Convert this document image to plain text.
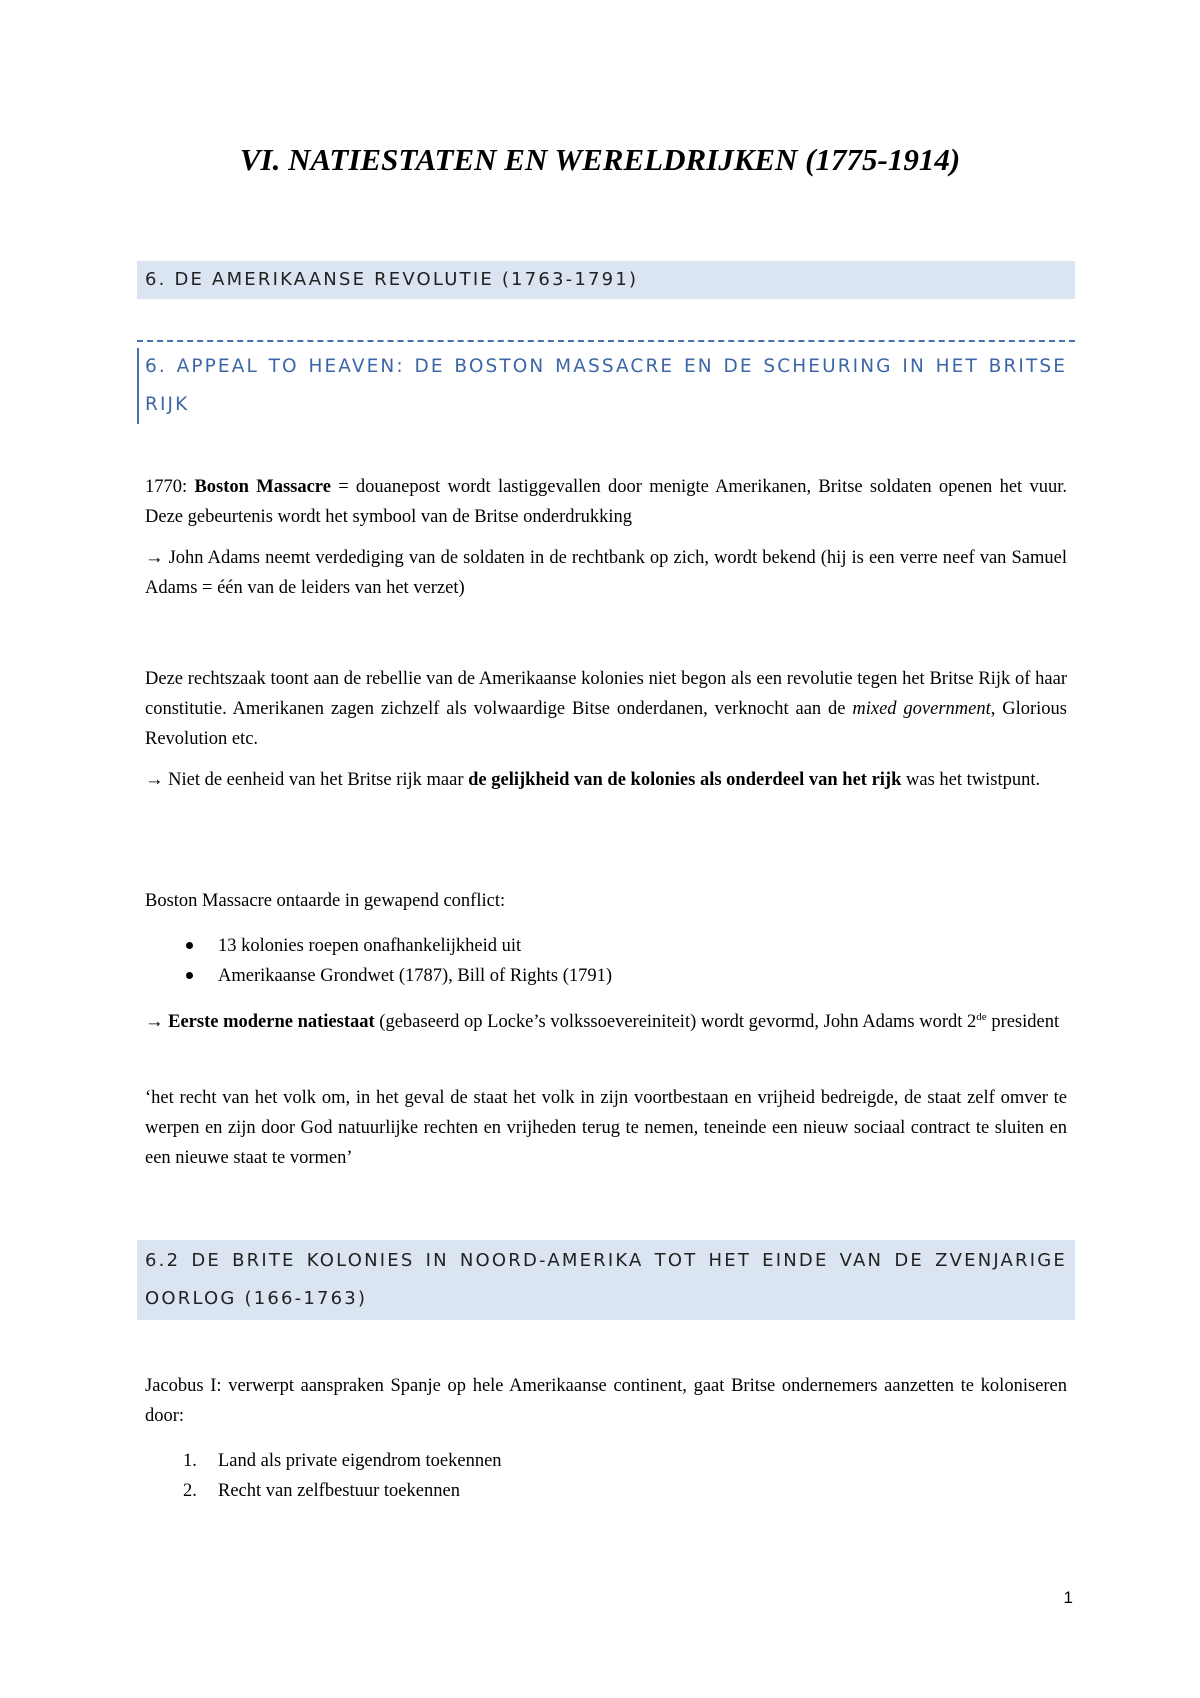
VI. NATIESTATEN EN WERELDRIJKEN (1775-1914)
6. DE AMERIKAANSE REVOLUTIE (1763-1791)
6. APPEAL TO HEAVEN: DE BOSTON MASSACRE EN DE SCHEURING IN HET BRITSE RIJK

1770: Boston Massacre = douanepost wordt lastiggevallen door menigte Amerikanen, Britse soldaten openen het vuur. Deze gebeurtenis wordt het symbool van de Britse onderdrukking

→ John Adams neemt verdediging van de soldaten in de rechtbank op zich, wordt bekend (hij is een verre neef van Samuel Adams = één van de leiders van het verzet)

Deze rechtszaak toont aan de rebellie van de Amerikaanse kolonies niet begon als een revolutie tegen het Britse Rijk of haar constitutie. Amerikanen zagen zichzelf als volwaardige Bitse onderdanen, verknocht aan de mixed government, Glorious Revolution etc.

→ Niet de eenheid van het Britse rijk maar de gelijkheid van de kolonies als onderdeel van het rijk was het twistpunt.

Boston Massacre ontaarde in gewapend conflict:

13 kolonies roepen onafhankelijkheid uit
Amerikaanse Grondwet (1787), Bill of Rights (1791)

→ Eerste moderne natiestaat (gebaseerd op Locke’s volkssoevereiniteit) wordt gevormd, John Adams wordt 2de president

‘het recht van het volk om, in het geval de staat het volk in zijn voortbestaan en vrijheid bedreigde, de staat zelf omver te werpen en zijn door God natuurlijke rechten en vrijheden terug te nemen, teneinde een nieuw sociaal contract te sluiten en een nieuwe staat te vormen’

6.2 DE BRITE KOLONIES IN NOORD-AMERIKA TOT HET EINDE VAN DE ZVENJARIGE OORLOG (166-1763)

Jacobus I: verwerpt aanspraken Spanje op hele Amerikaanse continent, gaat Britse ondernemers aanzetten te koloniseren door:

1. Land als private eigendrom toekennen
2. Recht van zelfbestuur toekennen
1
